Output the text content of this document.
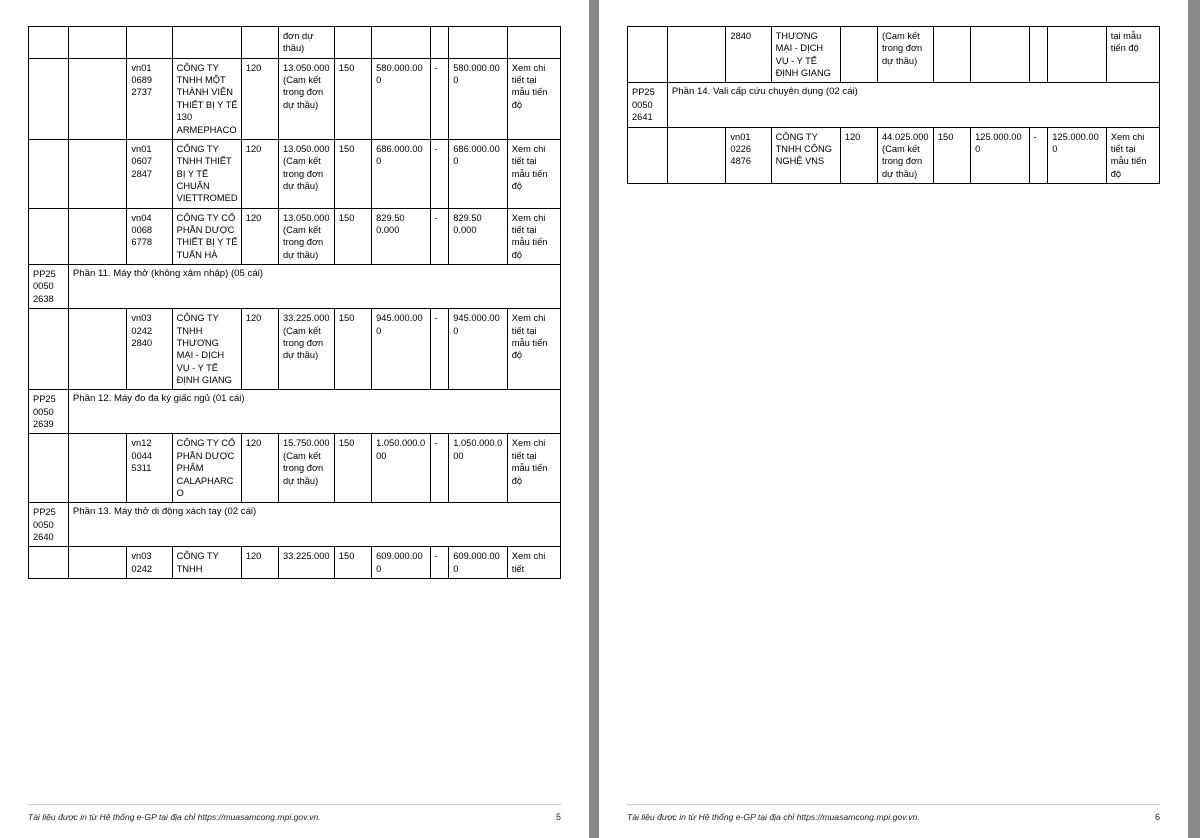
					đơn dự thầu)					
		vn01 0689 2737	CÔNG TY TNHH MỘT THÀNH VIÊN THIẾT BỊ Y TẾ 130 ARMEPHACO	120	13.050.000 (Cam kết trong đơn dự thầu)	150	580.000.000	-	580.000.000	Xem chi tiết tại mẫu tiến độ
		vn01 0607 2847	CÔNG TY TNHH THIẾT BỊ Y TẾ CHUẨN VIETTROMED	120	13.050.000 (Cam kết trong đơn dự thầu)	150	686.000.000	-	686.000.000	Xem chi tiết tại mẫu tiến độ
		vn04 0068 6778	CÔNG TY CỔ PHẦN DƯỢC THIẾT BỊ Y TẾ TUẤN HÀ	120	13.050.000 (Cam kết trong đơn dự thầu)	150	829.50 0.000	-	829.50 0.000	Xem chi tiết tại mẫu tiến độ
PP25 0050 2638	Phần 11. Máy thở (không xâm nhập) (05 cái)									
		vn03 0242 2840	CÔNG TY TNHH THƯƠNG MẠI - DỊCH VỤ - Y TẾ ĐỊNH GIANG	120	33.225.000 (Cam kết trong đơn dự thầu)	150	945.000.000	-	945.000.000	Xem chi tiết tại mẫu tiến độ
PP25 0050 2639	Phần 12. Máy đo đa ký giấc ngủ (01 cái)									
		vn12 0044 5311	CÔNG TY CỔ PHẦN DƯỢC PHẨM CALAPHARCO	120	15.750.000 (Cam kết trong đơn dự thầu)	150	1.050.000.000	-	1.050.000.000	Xem chi tiết tại mẫu tiến độ
PP25 0050 2640	Phần 13. Máy thở di động xách tay (02 cái)									
		vn03 0242	CÔNG TY TNHH	120	33.225.000	150	609.000.000	-	609.000.000	Xem chi tiết
Tài liệu được in từ Hệ thống e-GP tại địa chỉ https://muasamcong.mpi.gov.vn.	5
		2840	THƯƠNG MẠI - DỊCH VỤ - Y TẾ ĐỊNH GIANG		(Cam kết trong đơn dự thầu)					tại mẫu tiến độ
PP25 0050 2641	Phần 14. Vali cấp cứu chuyên dụng (02 cái)									
		vn01 0226 4876	CÔNG TY TNHH CÔNG NGHỆ VNS	120	44.025.000 (Cam kết trong đơn dự thầu)	150	125.000.000	-	125.000.000	Xem chi tiết tại mẫu tiến độ
Tài liệu được in từ Hệ thống e-GP tại địa chỉ https://muasamcong.mpi.gov.vn.	6
